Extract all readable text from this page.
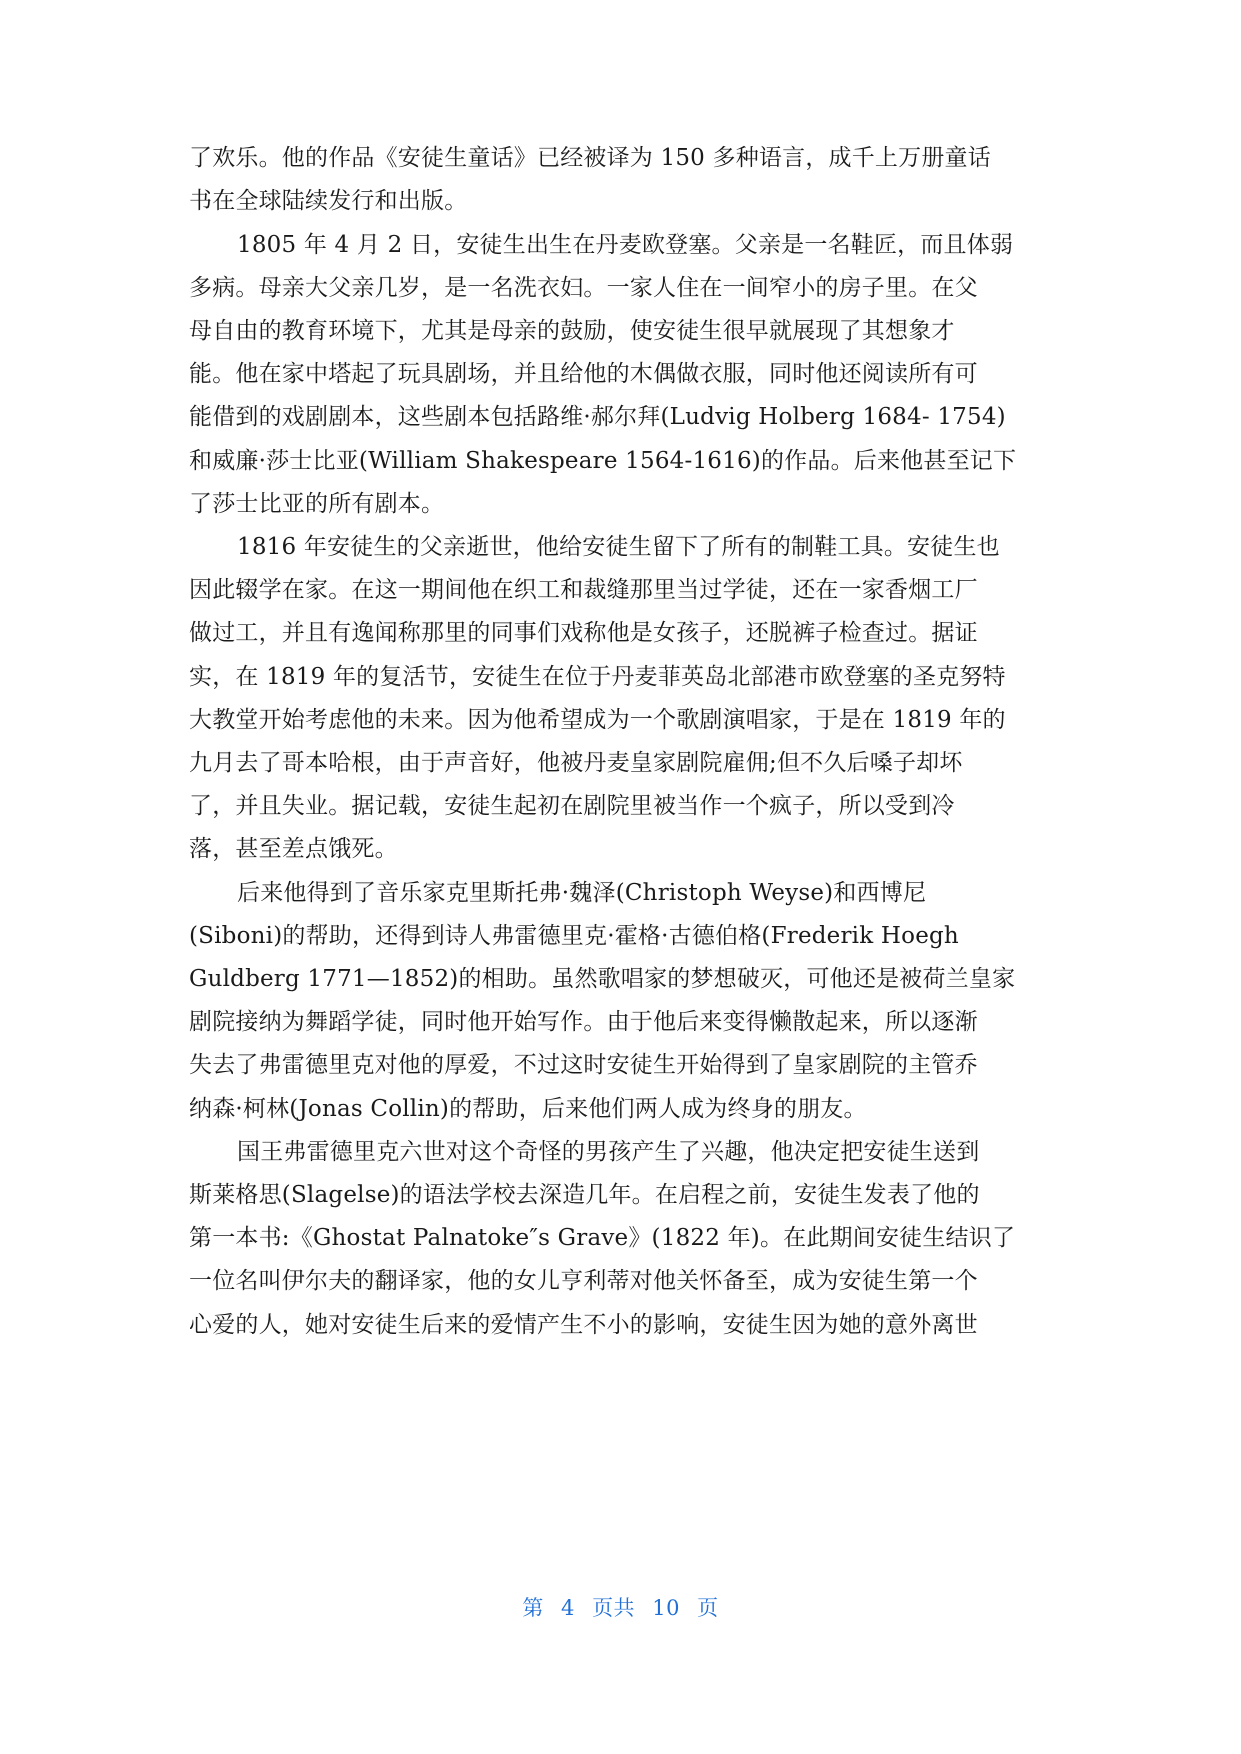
了欢乐。他的作品《安徒生童话》已经被译为 150 多种语言，成千上万册童话
书在全球陆续发行和出版。
1805 年 4 月 2 日，安徒生出生在丹麦欧登塞。父亲是一名鞋匠，而且体弱
多病。母亲大父亲几岁，是一名洗衣妇。一家人住在一间窄小的房子里。在父
母自由的教育环境下，尤其是母亲的鼓励，使安徒生很早就展现了其想象才
能。他在家中塔起了玩具剧场，并且给他的木偶做衣服，同时他还阅读所有可
能借到的戏剧剧本，这些剧本包括路维·郝尔拜(Ludvig Holberg 1684- 1754)
和威廉·莎士比亚(William Shakespeare 1564-1616)的作品。后来他甚至记下
了莎士比亚的所有剧本。
1816 年安徒生的父亲逝世，他给安徒生留下了所有的制鞋工具。安徒生也
因此辍学在家。在这一期间他在织工和裁缝那里当过学徒，还在一家香烟工厂
做过工，并且有逸闻称那里的同事们戏称他是女孩子，还脱裤子检查过。据证
实，在 1819 年的复活节，安徒生在位于丹麦菲英岛北部港市欧登塞的圣克努特
大教堂开始考虑他的未来。因为他希望成为一个歌剧演唱家，于是在 1819 年的
九月去了哥本哈根，由于声音好，他被丹麦皇家剧院雇佣;但不久后嗓子却坏
了，并且失业。据记载，安徒生起初在剧院里被当作一个疯子，所以受到冷
落，甚至差点饿死。
后来他得到了音乐家克里斯托弗·魏泽(Christoph Weyse)和西博尼
(Siboni)的帮助，还得到诗人弗雷德里克·霍格·古德伯格(Frederik Hoegh
Guldberg 1771—1852)的相助。虽然歌唱家的梦想破灭，可他还是被荷兰皇家
剧院接纳为舞蹈学徒，同时他开始写作。由于他后来变得懒散起来，所以逐渐
失去了弗雷德里克对他的厚爱，不过这时安徒生开始得到了皇家剧院的主管乔
纳森·柯林(Jonas Collin)的帮助，后来他们两人成为终身的朋友。
国王弗雷德里克六世对这个奇怪的男孩产生了兴趣，他决定把安徒生送到
斯莱格思(Slagelse)的语法学校去深造几年。在启程之前，安徒生发表了他的
第一本书:《Ghostat Palnatoke″s Grave》(1822 年)。在此期间安徒生结识了
一位名叫伊尔夫的翻译家，他的女儿亨利蒂对他关怀备至，成为安徒生第一个
心爱的人，她对安徒生后来的爱情产生不小的影响，安徒生因为她的意外离世
第 4 页共 10 页
